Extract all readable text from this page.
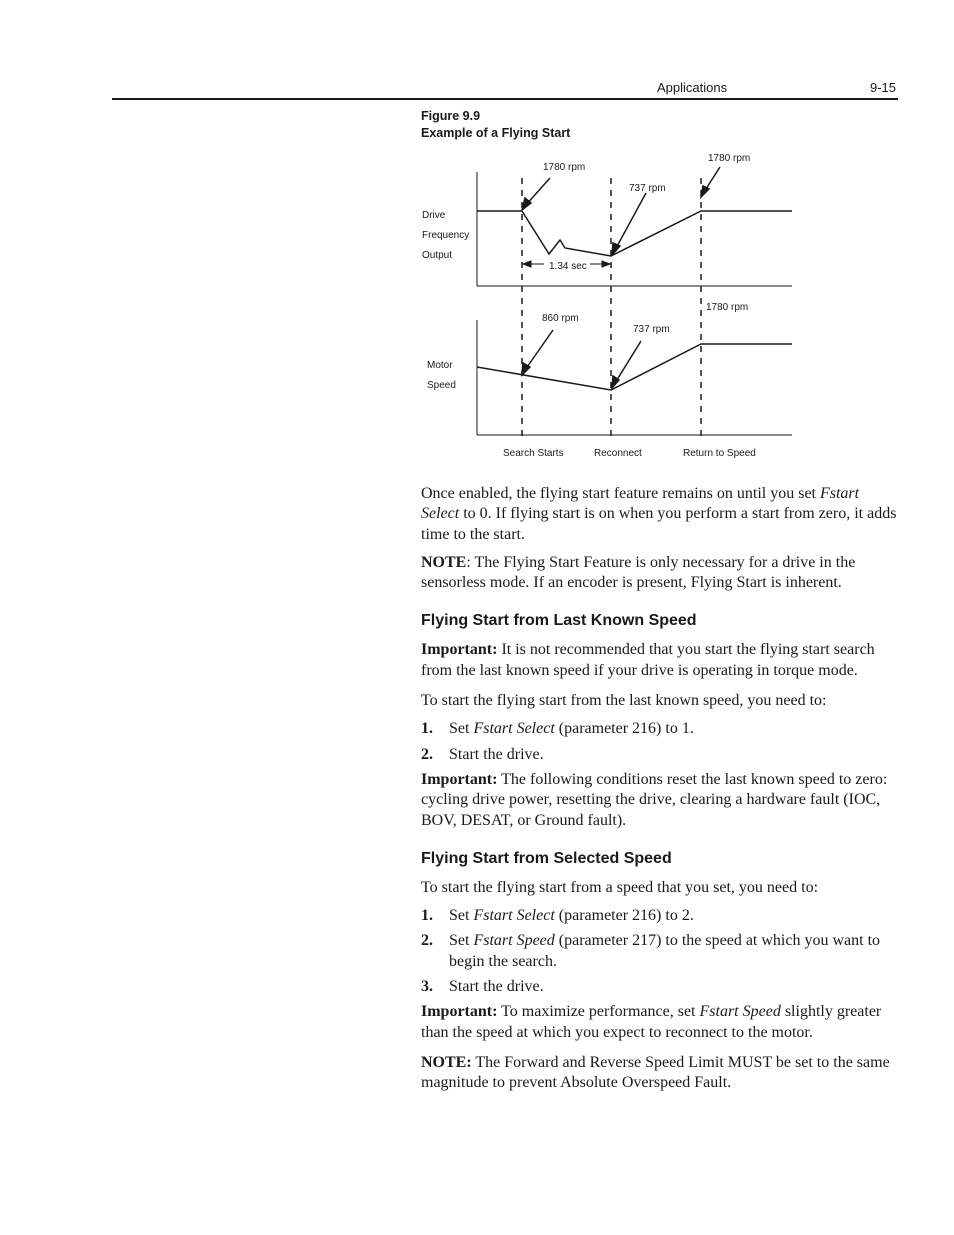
Applications	9-15
Figure 9.9
Example of a Flying Start
Drive
Frequency
Output
Motor
Speed
1780 rpm
737 rpm
1780 rpm
1.34 sec
860 rpm
737 rpm
1780 rpm
Search Starts	Reconnect	Return to Speed

Once enabled, the flying start feature remains on until you set Fstart Select to 0. If flying start is on when you perform a start from zero, it adds time to the start.

NOTE: The Flying Start Feature is only necessary for a drive in the sensorless mode. If an encoder is present, Flying Start is inherent.

Flying Start from Last Known Speed

Important: It is not recommended that you start the flying start search from the last known speed if your drive is operating in torque mode.

To start the flying start from the last known speed, you need to:

1. Set Fstart Select (parameter 216) to 1.
2. Start the drive.

Important: The following conditions reset the last known speed to zero: cycling drive power, resetting the drive, clearing a hardware fault (IOC, BOV, DESAT, or Ground fault).

Flying Start from Selected Speed

To start the flying start from a speed that you set, you need to:

1. Set Fstart Select (parameter 216) to 2.
2. Set Fstart Speed (parameter 217) to the speed at which you want to begin the search.
3. Start the drive.

Important: To maximize performance, set Fstart Speed slightly greater than the speed at which you expect to reconnect to the motor.

NOTE: The Forward and Reverse Speed Limit MUST be set to the same magnitude to prevent Absolute Overspeed Fault.
